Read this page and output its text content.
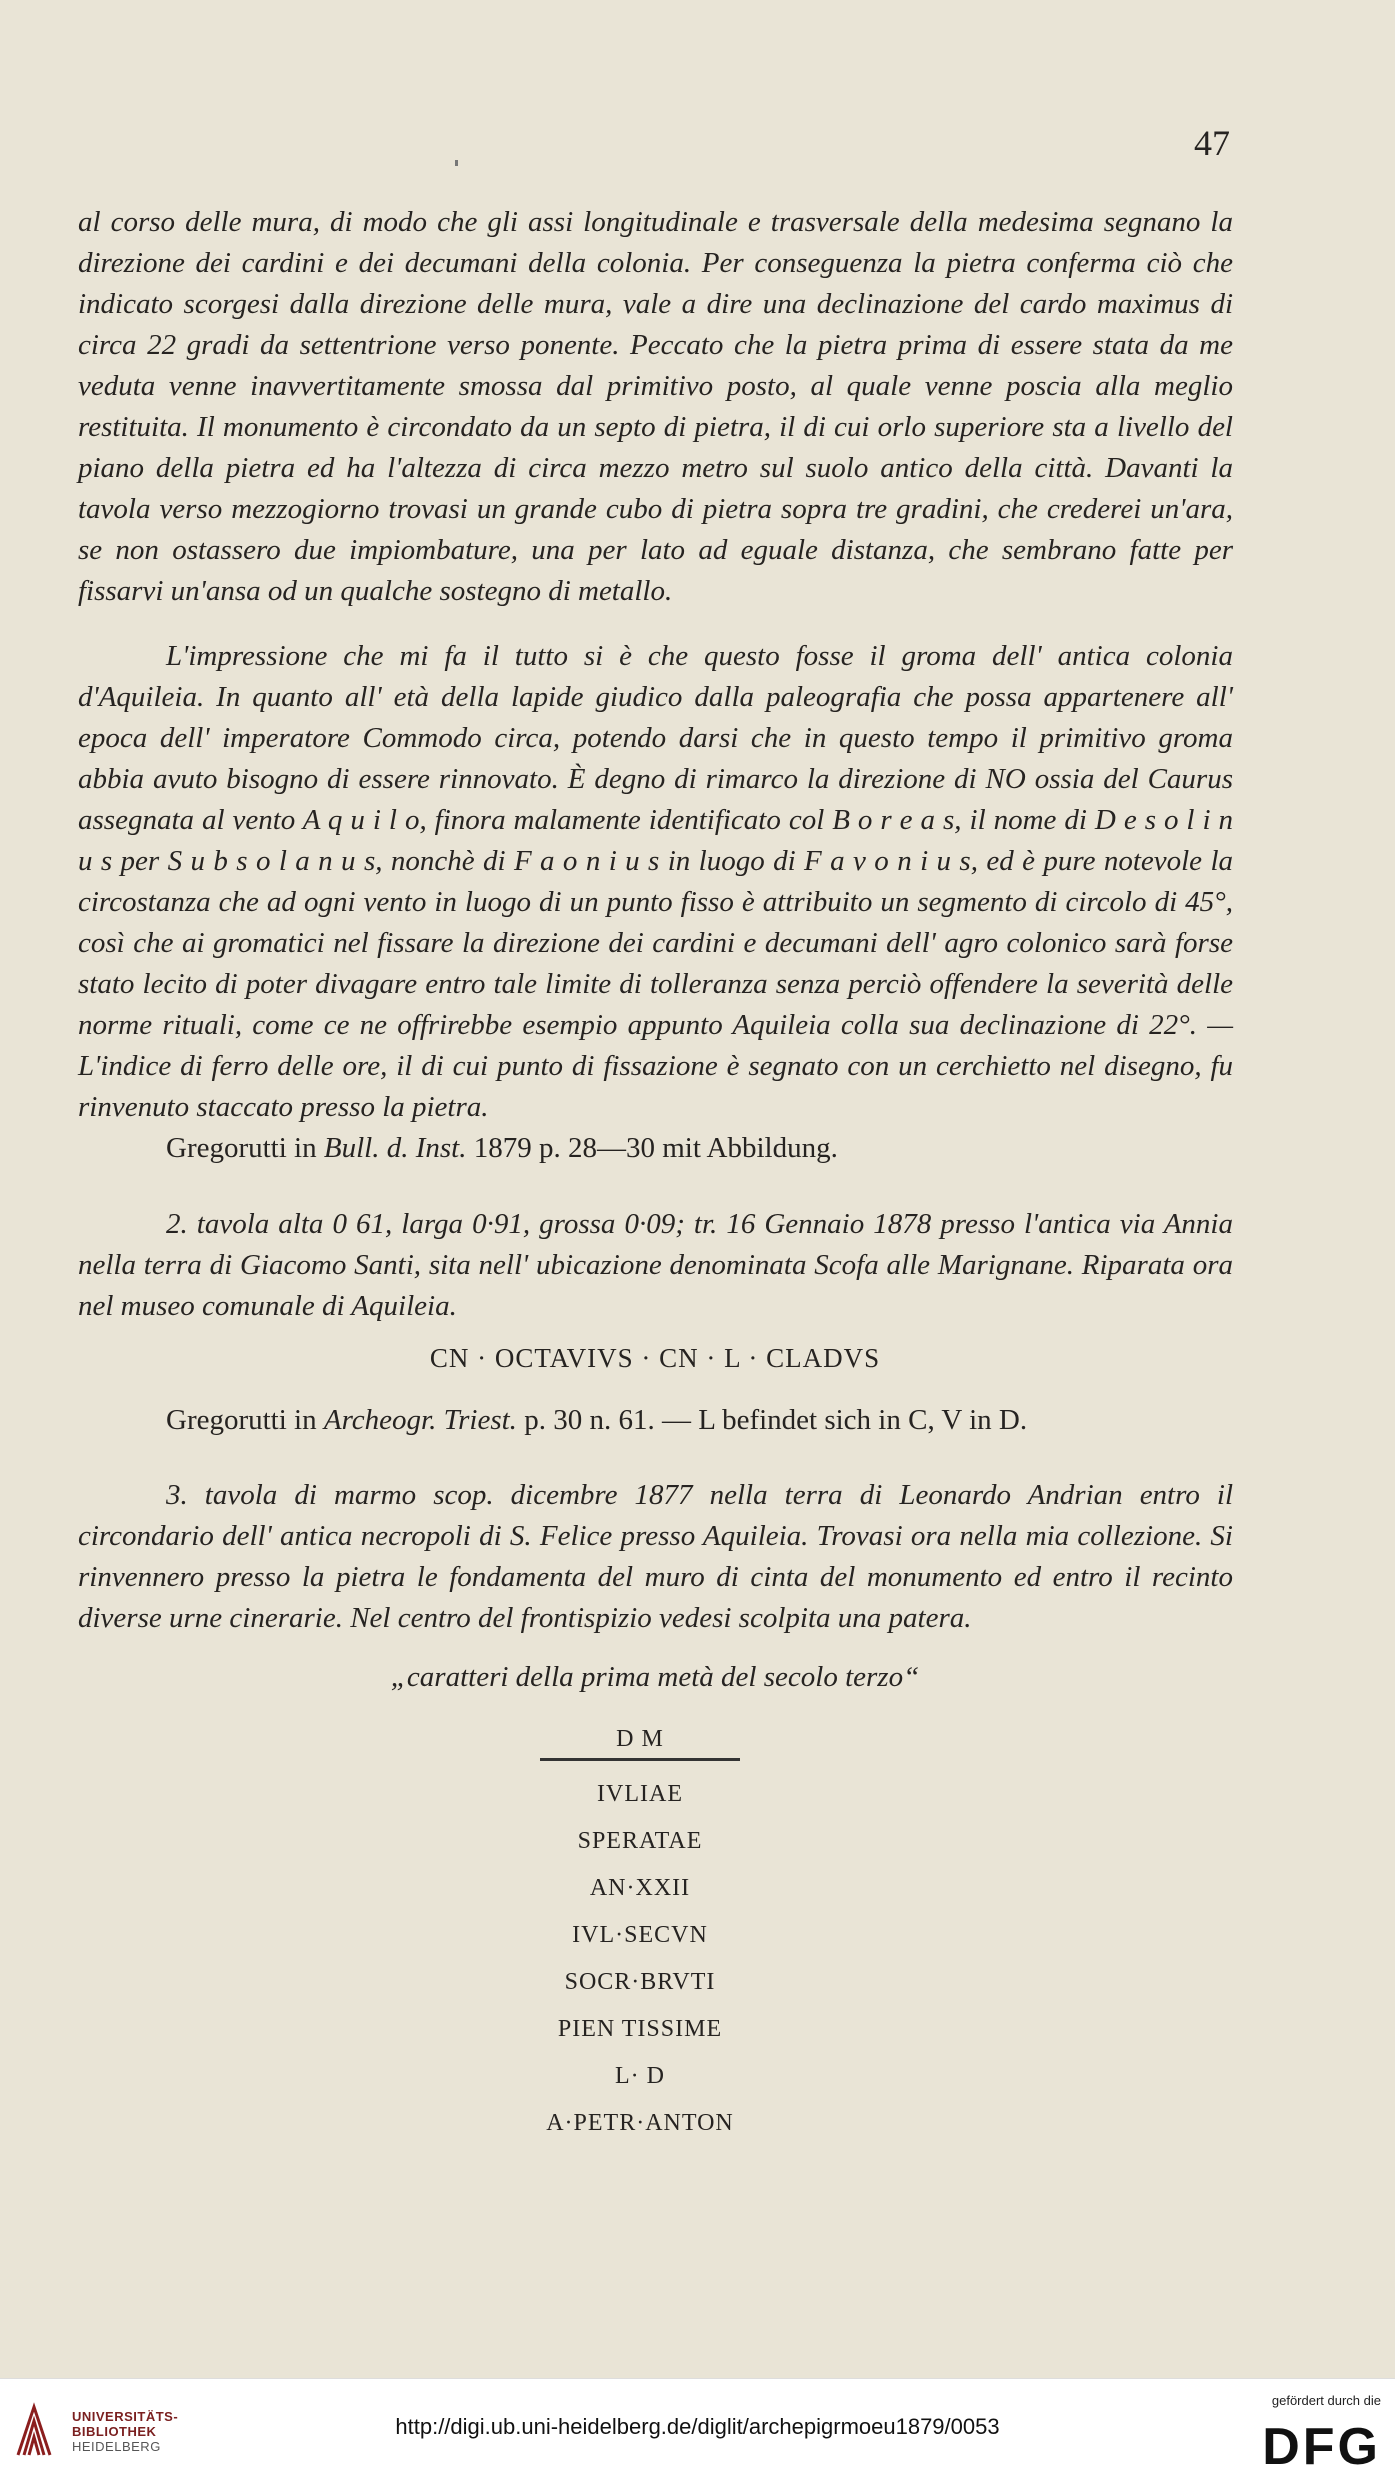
47

al corso delle mura, di modo che gli assi longitudinale e trasversale della medesima segnano la direzione dei cardini e dei decumani della colonia. Per conseguenza la pietra conferma ciò che indicato scorgesi dalla direzione delle mura, vale a dire una declinazione del cardo maximus di circa 22 gradi da settentrione verso ponente. Peccato che la pietra prima di essere stata da me veduta venne inavvertitamente smossa dal primitivo posto, al quale venne poscia alla meglio restituita. Il monumento è circondato da un septo di pietra, il di cui orlo superiore sta a livello del piano della pietra ed ha l'altezza di circa mezzo metro sul suolo antico della città. Davanti la tavola verso mezzogiorno trovasi un grande cubo di pietra sopra tre gradini, che crederei un'ara, se non ostassero due impiombature, una per lato ad eguale distanza, che sembrano fatte per fissarvi un'ansa od un qualche sostegno di metallo.

L'impressione che mi fa il tutto si è che questo fosse il groma dell' antica colonia d'Aquileia. In quanto all' età della lapide giudico dalla paleografia che possa appartenere all' epoca dell' imperatore Commodo circa, potendo darsi che in questo tempo il primitivo groma abbia avuto bisogno di essere rinnovato. È degno di rimarco la direzione di NO ossia del Caurus assegnata al vento A q u i l o, finora malamente identificato col B o r e a s, il nome di D e s o l i n u s per S u b s o l a n u s, nonchè di F a o n i u s in luogo di F a v o n i u s, ed è pure notevole la circostanza che ad ogni vento in luogo di un punto fisso è attribuito un segmento di circolo di 45°, così che ai gromatici nel fissare la direzione dei cardini e decumani dell' agro colonico sarà forse stato lecito di poter divagare entro tale limite di tolleranza senza perciò offendere la severità delle norme rituali, come ce ne offrirebbe esempio appunto Aquileia colla sua declinazione di 22°. — L'indice di ferro delle ore, il di cui punto di fissazione è segnato con un cerchietto nel disegno, fu rinvenuto staccato presso la pietra.

Gregorutti in Bull. d. Inst. 1879 p. 28—30 mit Abbildung.

2. tavola alta 0 61, larga 0·91, grossa 0·09; tr. 16 Gennaio 1878 presso l'antica via Annia nella terra di Giacomo Santi, sita nell' ubicazione denominata Scofa alle Marignane. Riparata ora nel museo comunale di Aquileia.

CN · OCTAVIVS · CN · L · CLADVS

Gregorutti in Archeogr. Triest. p. 30 n. 61. — L befindet sich in C, V in D.

3. tavola di marmo scop. dicembre 1877 nella terra di Leonardo Andrian entro il circondario dell' antica necropoli di S. Felice presso Aquileia. Trovasi ora nella mia collezione. Si rinvennero presso la pietra le fondamenta del muro di cinta del monumento ed entro il recinto diverse urne cinerarie. Nel centro del frontispizio vedesi scolpita una patera.

„caratteri della prima metà del secolo terzo“
D M
IVLIAE
SPERATAE
AN·XXII
IVL·SECVN
SOCR·BRVTI
PIEN TISSIME
L· D
A·PETR·ANTON
UNIVERSITÄTS-
BIBLIOTHEK
HEIDELBERG
http://digi.ub.uni-heidelberg.de/diglit/archepigrmoeu1879/0053
gefördert durch die
DFG
